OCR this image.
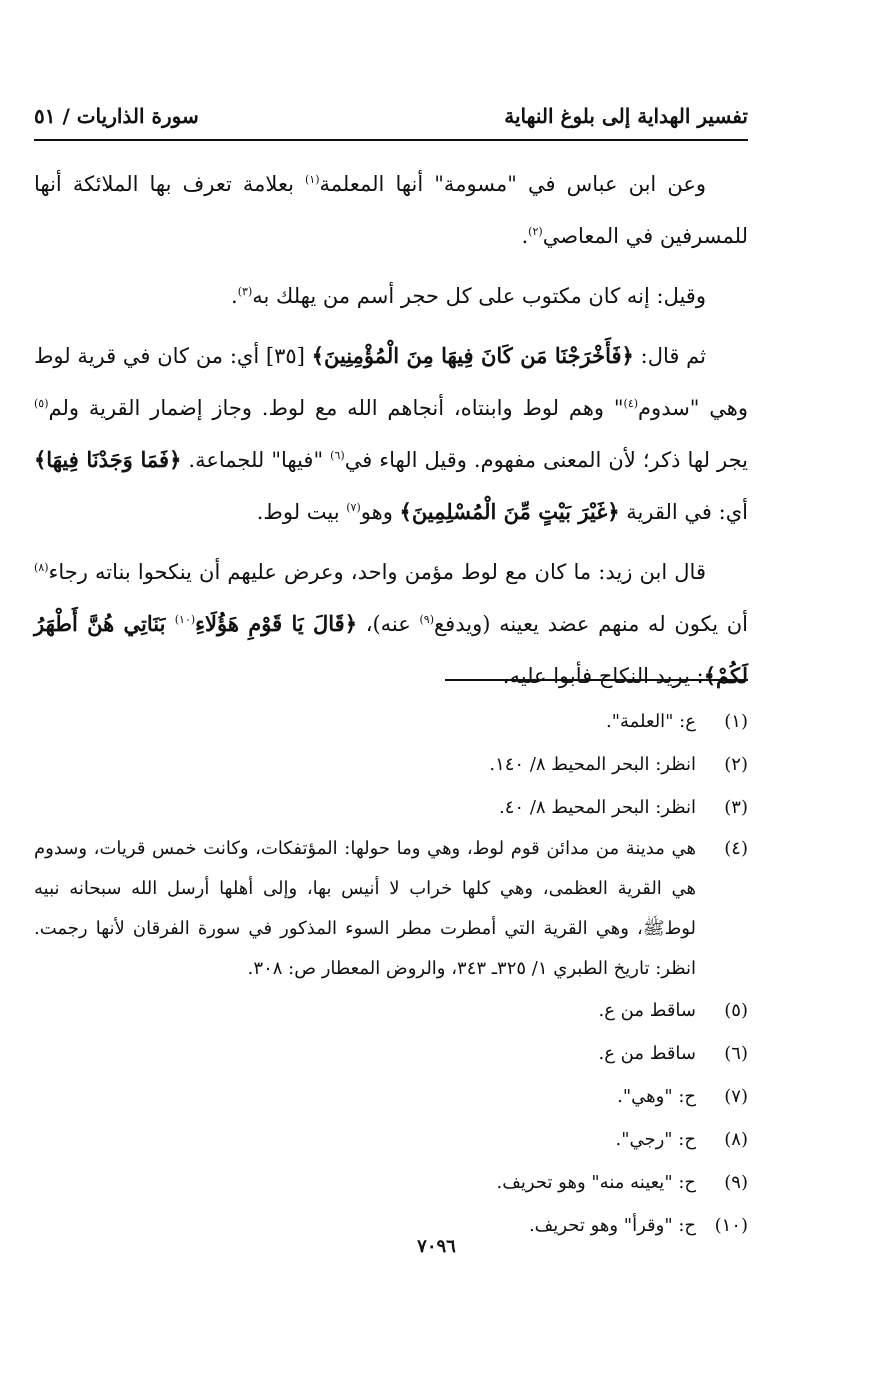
تفسير الهداية إلى بلوغ النهاية
سورة الذاريات / ٥١

وعن ابن عباس في "مسومة" أنها المعلمة$^{(١)}$ بعلامة تعرف بها الملائكة أنها للمسرفين في المعاصي$^{(٢)}$.

وقيل: إنه كان مكتوب على كل حجر أسم من يهلك به$^{(٣)}$.

ثم قال: ﴿فَأَخْرَجْنَا مَن كَانَ فِيهَا مِنَ الْمُؤْمِنِينَ﴾ [٣٥] أي: من كان في قرية لوط وهي "سدوم$^{(٤)}$" وهم لوط وابنتاه، أنجاهم الله مع لوط. وجاز إضمار القرية ولم$^{(٥)}$ يجر لها ذكر؛ لأن المعنى مفهوم. وقيل الهاء في$^{(٦)}$ "فيها" للجماعة. ﴿فَمَا وَجَدْنَا فِيهَا﴾ أي: في القرية ﴿غَيْرَ بَيْتٍ مِّنَ الْمُسْلِمِينَ﴾ وهو$^{(٧)}$ بيت لوط.

قال ابن زيد: ما كان مع لوط مؤمن واحد، وعرض عليهم أن ينكحوا بناته رجاء$^{(٨)}$ أن يكون له منهم عضد يعينه (ويدفع$^{(٩)}$ عنه)، ﴿قَالَ يَا قَوْمِ هَؤُلَاءِ$^{(١٠)}$ بَنَاتِي هُنَّ أَطْهَرُ لَكُمْ﴾: يريد النكاح فأبوا عليه.

(١)
ع: "العلمة".
(٢)
انظر: البحر المحيط ٨/ ١٤٠.
(٣)
انظر: البحر المحيط ٨/ ٤٠.
(٤)
هي مدينة من مدائن قوم لوط، وهي وما حولها: المؤتفكات، وكانت خمس قريات، وسدوم هي القرية العظمى، وهي كلها خراب لا أنيس بها، وإلى أهلها أرسل الله سبحانه نبيه لوطﷺ، وهي القرية التي أمطرت مطر السوء المذكور في سورة الفرقان لأنها رجمت. انظر: تاريخ الطبري ١/ ٣٢٥ـ ٣٤٣، والروض المعطار ص: ٣٠٨.
(٥)
ساقط من ع.
(٦)
ساقط من ع.
(٧)
ح: "وهي".
(٨)
ح: "رجي".
(٩)
ح: "يعينه منه" وهو تحريف.
(١٠)
ح: "وقرأ" وهو تحريف.
٧٠٩٦
